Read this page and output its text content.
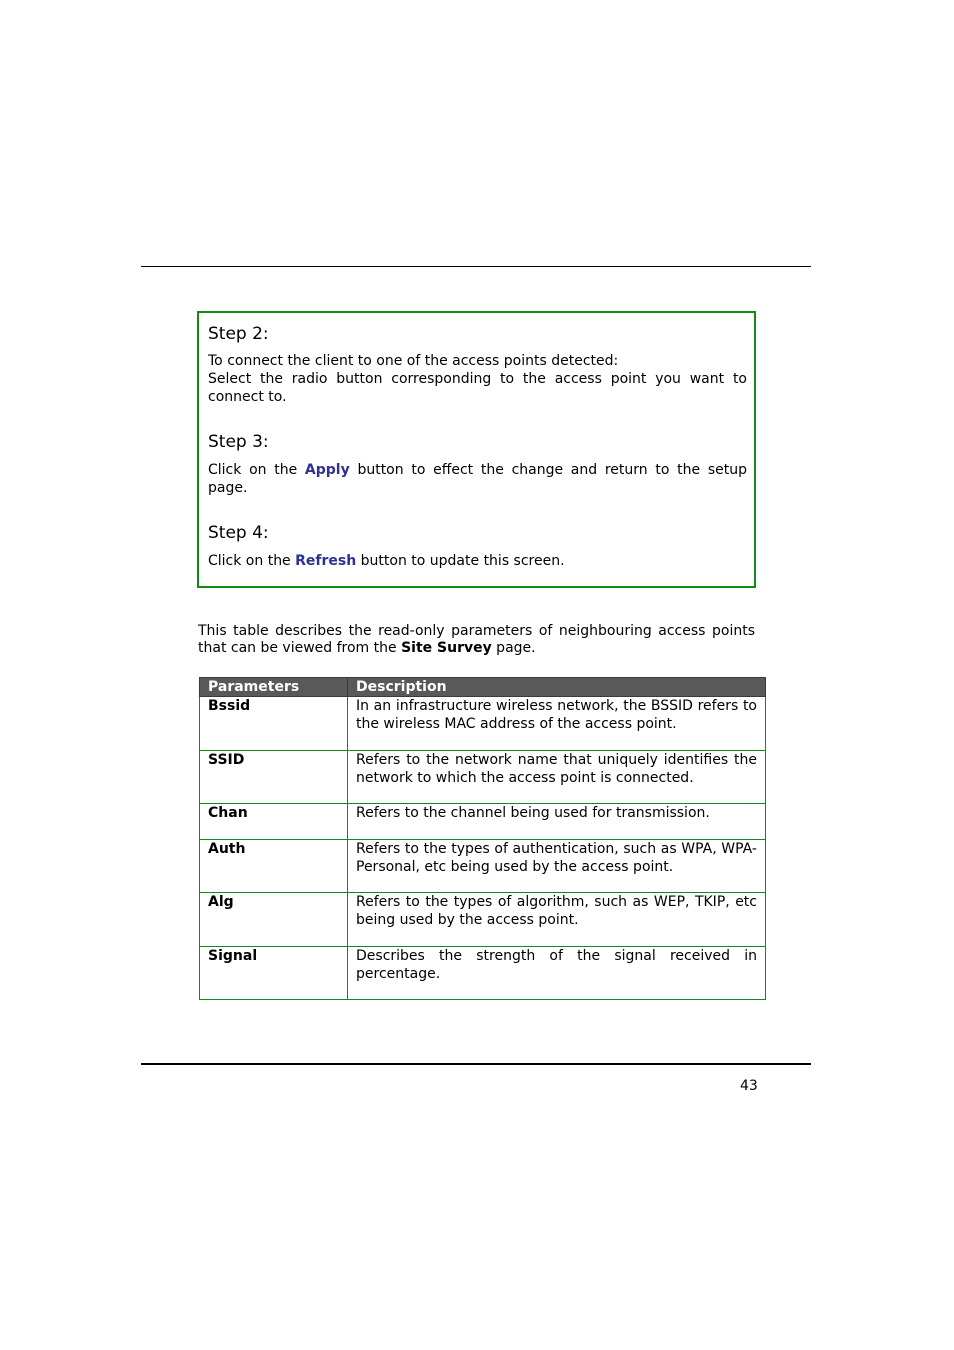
Step 2:
To connect the client to one of the access points detected:
Select the radio button corresponding to the access point you want to connect to.
Step 3:
Click on the Apply button to effect the change and return to the setup page.
Step 4:
Click on the Refresh button to update this screen.
This table describes the read-only parameters of neighbouring access points that can be viewed from the Site Survey page.
Parameters	Description
Bssid	In an infrastructure wireless network, the BSSID refers to the wireless MAC address of the access point.
SSID	Refers to the network name that uniquely identifies the network to which the access point is connected.
Chan	Refers to the channel being used for transmission.
Auth	Refers to the types of authentication, such as WPA, WPA-Personal, etc being used by the access point.
Alg	Refers to the types of algorithm, such as WEP, TKIP, etc being used by the access point.
Signal	Describes the strength of the signal received in percentage.
43
